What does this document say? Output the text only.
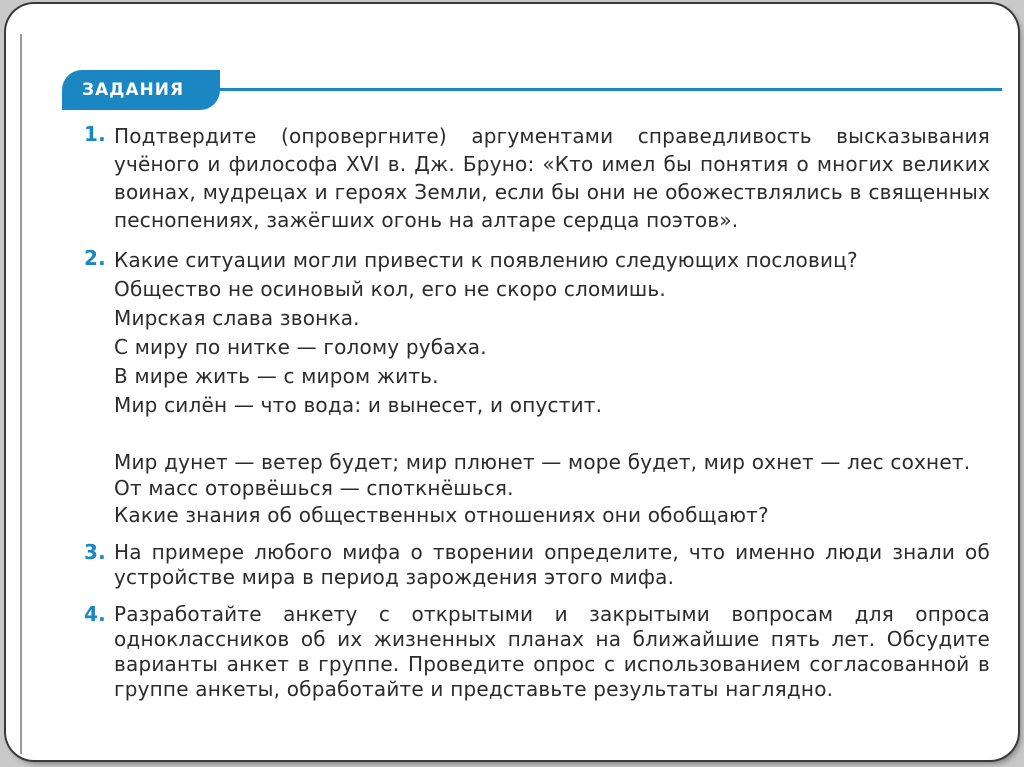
ЗАДАНИЯ
1. Подтвердите (опровергните) аргументами справедливость высказывания учёного и философа XVI в. Дж. Бруно: «Кто имел бы понятия о многих великих воинах, мудрецах и героях Земли, если бы они не обожествлялись в священных песнопениях, зажёгших огонь на алтаре сердца поэтов».
2. Какие ситуации могли привести к появлению следующих пословиц?
Общество не осиновый кол, его не скоро сломишь.
Мирская слава звонка.
С миру по нитке — голому рубаха.
В мире жить — с миром жить.
Мир силён — что вода: и вынесет, и опустит.
Мир дунет — ветер будет; мир плюнет — море будет, мир охнет — лес сохнет.
От масс оторвёшься — споткнёшься.
Какие знания об общественных отношениях они обобщают?
3. На примере любого мифа о творении определите, что именно люди знали об устройстве мира в период зарождения этого мифа.
4. Разработайте анкету с открытыми и закрытыми вопросам для опроса одноклассников об их жизненных планах на ближайшие пять лет. Обсудите варианты анкет в группе. Проведите опрос с использованием согласованной в группе анкеты, обработайте и представьте результаты наглядно.
